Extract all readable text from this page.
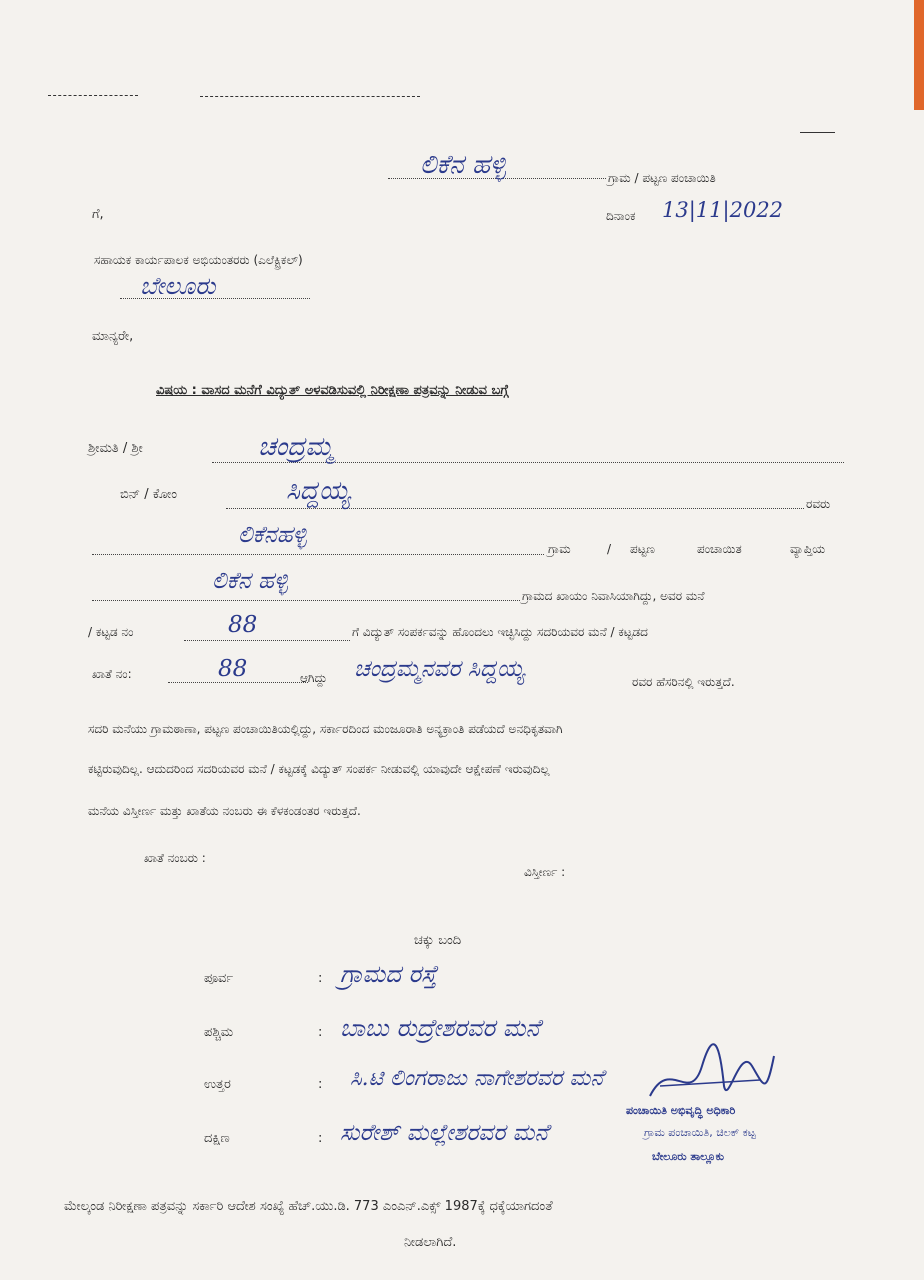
ಲಿಕೆನ ಹಳ್ಳಿ	ಗ್ರಾಮ / ಪಟ್ಟಣ ಪಂಚಾಯಿತಿ
ಗೆ,	ದಿನಾಂಕ 13|11|2022
ಸಹಾಯಕ ಕಾರ್ಯಪಾಲಕ ಅಭಿಯಂತರರು (ಎಲೆಕ್ಟ್ರಿಕಲ್)
ಬೇಲೂರು
ಮಾನ್ಯರೇ,
ವಿಷಯ : ವಾಸದ ಮನೆಗೆ ವಿದ್ಯುತ್ ಅಳವಡಿಸುವಲ್ಲಿ ನಿರೀಕ್ಷಣಾ ಪತ್ರವನ್ನು ನೀಡುವ ಬಗ್ಗೆ
ಶ್ರೀಮತಿ / ಶ್ರೀ	ಚಂದ್ರಮ್ಮ
ಬಿನ್ / ಕೋಂ	ಸಿದ್ದಯ್ಯ	ರವರು
ಲಿಕೆನಹಳ್ಳಿ
ಗ್ರಾಮ	/ ಪಟ್ಟಣ	ಪಂಚಾಯಿತ	ವ್ಯಾಪ್ತಿಯ
ಲಿಕೆನ ಹಳ್ಳಿ
ಗ್ರಾಮದ ಖಾಯಂ ನಿವಾಸಿಯಾಗಿದ್ದು, ಅವರ ಮನೆ
/ ಕಟ್ಟಡ ನಂ	88	ಗೆ ವಿದ್ಯುತ್ ಸಂಪರ್ಕವನ್ನು ಹೊಂದಲು ಇಚ್ಛಿಸಿದ್ದು ಸದರಿಯವರ ಮನೆ / ಕಟ್ಟಡದ
ಖಾತೆ ನಂ:	88	ಆಗಿದ್ದು ಚಂದ್ರಮ್ಮನವರ ಸಿದ್ದಯ್ಯ	ರವರ ಹೆಸರಿನಲ್ಲಿ ಇರುತ್ತದೆ.
ಸದರಿ ಮನೆಯು ಗ್ರಾಮಠಾಣಾ, ಪಟ್ಟಣ ಪಂಚಾಯಿತಿಯಲ್ಲಿದ್ದು, ಸರ್ಕಾರದಿಂದ ಮಂಜೂರಾತಿ ಅನ್ಯಕ್ರಾಂತಿ ಪಡೆಯದೆ ಅನಧಿಕೃತವಾಗಿ
ಕಟ್ಟಿರುವುದಿಲ್ಲ. ಆದುದರಿಂದ ಸದರಿಯವರ ಮನೆ / ಕಟ್ಟಡಕ್ಕೆ ವಿದ್ಯುತ್ ಸಂಪರ್ಕ ನೀಡುವಲ್ಲಿ ಯಾವುದೇ ಆಕ್ಷೇಪಣೆ ಇರುವುದಿಲ್ಲ
ಮನೆಯ ವಿಸ್ತೀರ್ಣ ಮತ್ತು ಖಾತೆಯ ನಂಬರು ಈ ಕೆಳಕಂಡಂತರ ಇರುತ್ತದೆ.
ಖಾತೆ ನಂಬರು :
ವಿಸ್ತೀರ್ಣ :
ಚಕ್ಕು ಬಂದಿ
ಪೂರ್ವ	: ಗ್ರಾಮದ ರಸ್ತೆ
ಪಶ್ಚಿಮ	: ಬಾಬು ರುದ್ರೇಶರವರ ಮನೆ
ಉತ್ತರ	: ಸಿ.ಟಿ ಲಿಂಗರಾಜು ನಾಗೇಶರವರ ಮನೆ
ದಕ್ಷಿಣ	: ಸುರೇಶ್ ಮಲ್ಲೇಶರವರ ಮನೆ
ಪಂಚಾಯಿತಿ ಅಭಿವೃದ್ಧಿ ಅಧಿಕಾರಿ
ಗ್ರಾಮ ಪಂಚಾಯಿತಿ, ಚಿಲಕ್‌ ಕಟ್ಟ
ಬೇಲೂರು ತಾಲ್ಲೂಕು
ಮೇಲ್ಕಂಡ ನಿರೀಕ್ಷಣಾ ಪತ್ರವನ್ನು ಸರ್ಕಾರಿ ಆದೇಶ ಸಂಖ್ಯೆ ಹೆಚ್.ಯು.ಡಿ. 773 ಎಂಎನ್.ಎಕ್ಸ್ 1987ಕ್ಕೆ ಧಕ್ಕೆಯಾಗದಂತೆ
ನೀಡಲಾಗಿದೆ.
